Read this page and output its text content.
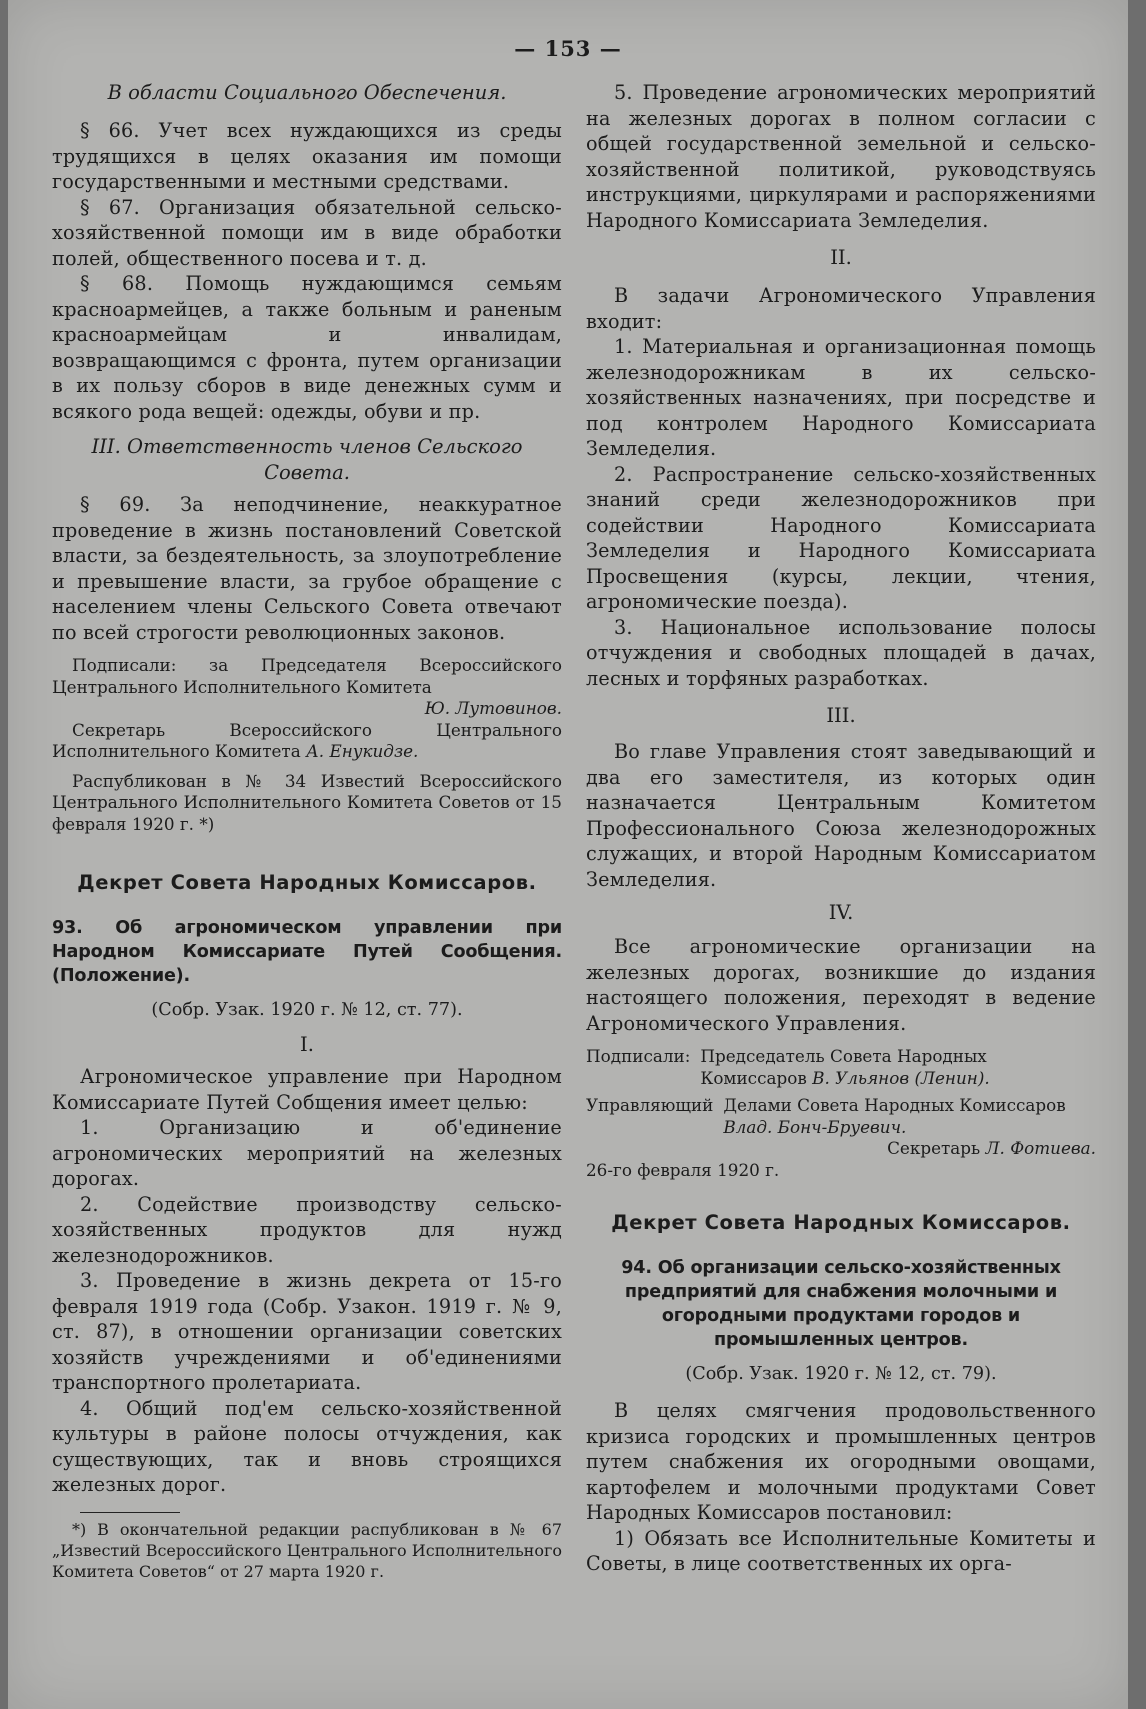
— 153 —

В области Социального Обеспечения.

§ 66. Учет всех нуждающихся из среды трудящихся в целях оказания им помощи государственными и местными средствами.

§ 67. Организация обязательной сельско-хозяйственной помощи им в виде обработки полей, общественного посева и т. д.

§ 68. Помощь нуждающимся семьям красноармейцев, а также больным и раненым красноармейцам и инвалидам, возвращающимся с фронта, путем организации в их пользу сборов в виде денежных сумм и всякого рода вещей: одежды, обуви и пр.

III. Ответственность членов Сельского

Совета.

§ 69. За неподчинение, неаккуратное проведение в жизнь постановлений Советской власти, за бездеятельность, за злоупотребление и превышение власти, за грубое обращение с населением члены Сельского Совета отвечают по всей строгости революционных законов.

Подписали: за Председателя Всероссийского Центрального Исполнительного Комитета

Ю. Лутовинов.

Секретарь Всероссийского Центрального Исполнительного Комитета А. Енукидзе.

Распубликован в № 34 Известий Всероссийского Центрального Исполнительного Комитета Советов от 15 февраля 1920 г. *)

Декрет Совета Народных Комиссаров.

93. Об агрономическом управлении при Народном Комиссариате Путей Сообщения. (Положение).

(Собр. Узак. 1920 г. № 12, ст. 77).

I.

Агрономическое управление при Народном Комиссариате Путей Собщения имеет целью:

1. Организацию и об'единение агрономических мероприятий на железных дорогах.

2. Содействие производству сельско-хозяйственных продуктов для нужд железнодорожников.

3. Проведение в жизнь декрета от 15-го февраля 1919 года (Собр. Узакон. 1919 г. № 9, ст. 87), в отношении организации советских хозяйств учреждениями и об'единениями транспортного пролетариата.

4. Общий под'ем сельско-хозяйственной культуры в районе полосы отчуждения, как существующих, так и вновь строящихся железных дорог.

*) В окончательной редакции распубликован в № 67 „Известий Всероссийского Центрального Исполнительного Комитета Советов“ от 27 марта 1920 г.

5. Проведение агрономических мероприятий на железных дорогах в полном согласии с общей государственной земельной и сельско-хозяйственной политикой, руководствуясь инструкциями, циркулярами и распоряжениями Народного Комиссариата Земледелия.

II.

В задачи Агрономического Управления входит:

1. Материальная и организационная помощь железнодорожникам в их сельско-хозяйственных назначениях, при посредстве и под контролем Народного Комиссариата Земледелия.

2. Распространение сельско-хозяйственных знаний среди железнодорожников при содействии Народного Комиссариата Земледелия и Народного Комиссариата Просвещения (курсы, лекции, чтения, агрономические поезда).

3. Национальное использование полосы отчуждения и свободных площадей в дачах, лесных и торфяных разработках.

III.

Во главе Управления стоят заведывающий и два его заместителя, из которых один назначается Центральным Комитетом Профессионального Союза железнодорожных служащих, и второй Народным Комиссариатом Земледелия.

IV.

Все агрономические организации на железных дорогах, возникшие до издания настоящего положения, переходят в ведение Агрономического Управления.

Подписали: Председатель Совета Народных Комиссаров В. Ульянов (Ленин).
Управляющий Делами Совета Народных Комиссаров Влад. Бонч-Бруевич.
Секретарь Л. Фотиева.
26-го февраля 1920 г.

Декрет Совета Народных Комиссаров.

94. Об организации сельско-хозяйственных предприятий для снабжения молочными и огородными продуктами городов и промышленных центров.

(Собр. Узак. 1920 г. № 12, ст. 79).

В целях смягчения продовольственного кризиса городских и промышленных центров путем снабжения их огородными овощами, картофелем и молочными продуктами Совет Народных Комиссаров постановил:

1) Обязать все Исполнительные Комитеты и Советы, в лице соответственных их орга-
